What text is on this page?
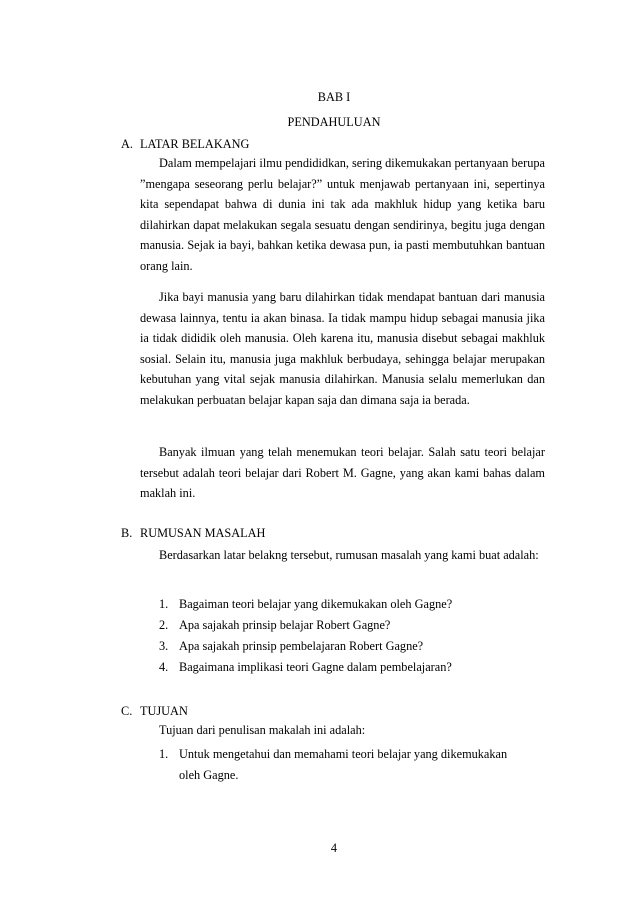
BAB I
PENDAHULUAN
A. LATAR BELAKANG

Dalam mempelajari ilmu pendididkan, sering dikemukakan pertanyaan berupa ”mengapa seseorang perlu belajar?” untuk menjawab pertanyaan ini, sepertinya kita sependapat bahwa di dunia ini tak ada makhluk hidup yang ketika baru dilahirkan dapat melakukan segala sesuatu dengan sendirinya, begitu juga dengan manusia. Sejak ia bayi, bahkan ketika dewasa pun, ia pasti membutuhkan bantuan orang lain.

Jika bayi manusia yang baru dilahirkan tidak mendapat bantuan dari manusia dewasa lainnya, tentu ia akan binasa. Ia tidak mampu hidup sebagai manusia jika ia tidak dididik oleh manusia. Oleh karena itu, manusia disebut sebagai makhluk sosial. Selain itu, manusia juga makhluk berbudaya, sehingga belajar merupakan kebutuhan yang vital sejak manusia dilahirkan. Manusia selalu memerlukan dan melakukan perbuatan belajar kapan saja dan dimana saja ia berada.

Banyak ilmuan yang telah menemukan teori belajar. Salah satu teori belajar tersebut adalah teori belajar dari Robert M. Gagne, yang akan kami bahas dalam maklah ini.

B. RUMUSAN MASALAH

Berdasarkan latar belakng tersebut, rumusan masalah yang kami buat adalah:

1. Bagaiman teori belajar yang dikemukakan oleh Gagne?
2. Apa sajakah prinsip belajar Robert Gagne?
3. Apa sajakah prinsip pembelajaran Robert Gagne?
4. Bagaimana implikasi teori Gagne dalam pembelajaran?
C. TUJUAN

Tujuan dari penulisan makalah ini adalah:

1. Untuk mengetahui dan memahami teori belajar yang dikemukakan
oleh Gagne.
4
